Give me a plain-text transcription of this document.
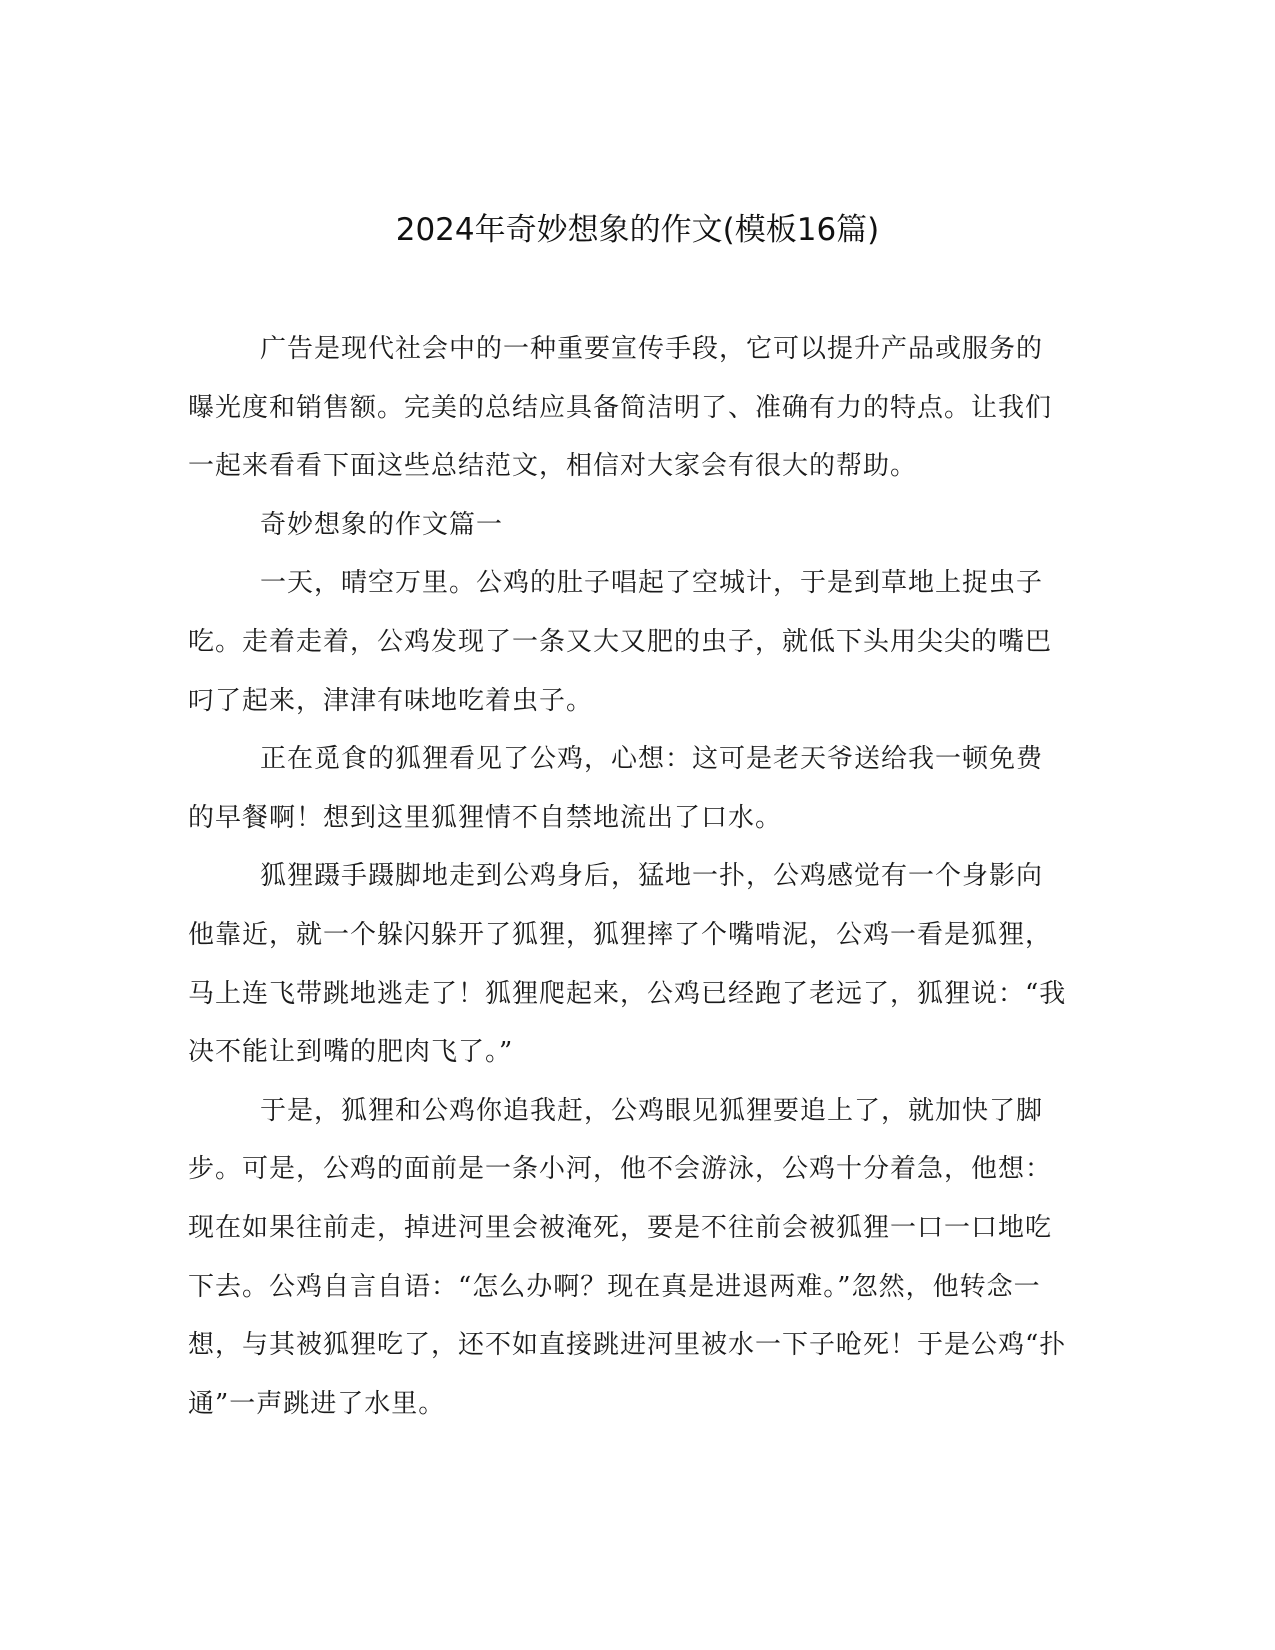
2024年奇妙想象的作文(模板16篇)

广告是现代社会中的一种重要宣传手段，它可以提升产品或服务的曝光度和销售额。完美的总结应具备简洁明了、准确有力的特点。让我们一起来看看下面这些总结范文，相信对大家会有很大的帮助。

奇妙想象的作文篇一

一天，晴空万里。公鸡的肚子唱起了空城计，于是到草地上捉虫子吃。走着走着，公鸡发现了一条又大又肥的虫子，就低下头用尖尖的嘴巴叼了起来，津津有味地吃着虫子。

正在觅食的狐狸看见了公鸡，心想：这可是老天爷送给我一顿免费的早餐啊！想到这里狐狸情不自禁地流出了口水。

狐狸蹑手蹑脚地走到公鸡身后，猛地一扑，公鸡感觉有一个身影向他靠近，就一个躲闪躲开了狐狸，狐狸摔了个嘴啃泥，公鸡一看是狐狸，马上连飞带跳地逃走了！狐狸爬起来，公鸡已经跑了老远了，狐狸说：“我决不能让到嘴的肥肉飞了。”

于是，狐狸和公鸡你追我赶，公鸡眼见狐狸要追上了，就加快了脚步。可是，公鸡的面前是一条小河，他不会游泳，公鸡十分着急，他想：现在如果往前走，掉进河里会被淹死，要是不往前会被狐狸一口一口地吃下去。公鸡自言自语：“怎么办啊？现在真是进退两难。”忽然，他转念一想，与其被狐狸吃了，还不如直接跳进河里被水一下子呛死！于是公鸡“扑通”一声跳进了水里。
